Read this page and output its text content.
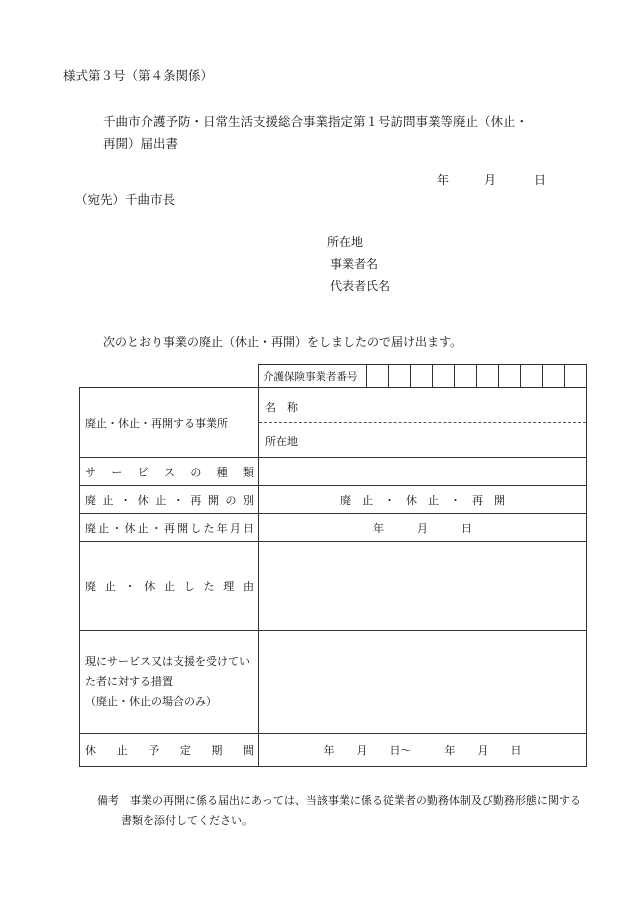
様式第３号（第４条関係）
千曲市介護予防・日常生活支援総合事業指定第１号訪問事業等廃止（休止・
再開）届出書
年	月	日
（宛先）千曲市長
所在地
事業者名
代表者氏名
次のとおり事業の廃止（休止・再開）をしましたので届け出ます。

介護保険事業者番号

廃止・休止・再開する事業所	名　称
所在地

サービスの種類	

廃止・休止・再開の別	廃　止　・　休　止　・　再　開

廃止・休止・再開した年月日	年　　　月　　　日

廃止・休止した理由	

現にサービス又は支援を受けてい
た者に対する措置
（廃止・休止の場合のみ）	

休止予定期間	年　　月　　日～　　　年　　月　　日
備考　事業の再開に係る届出にあっては、当該事業に係る従業者の勤務体制及び勤務形態に関する
書類を添付してください。
